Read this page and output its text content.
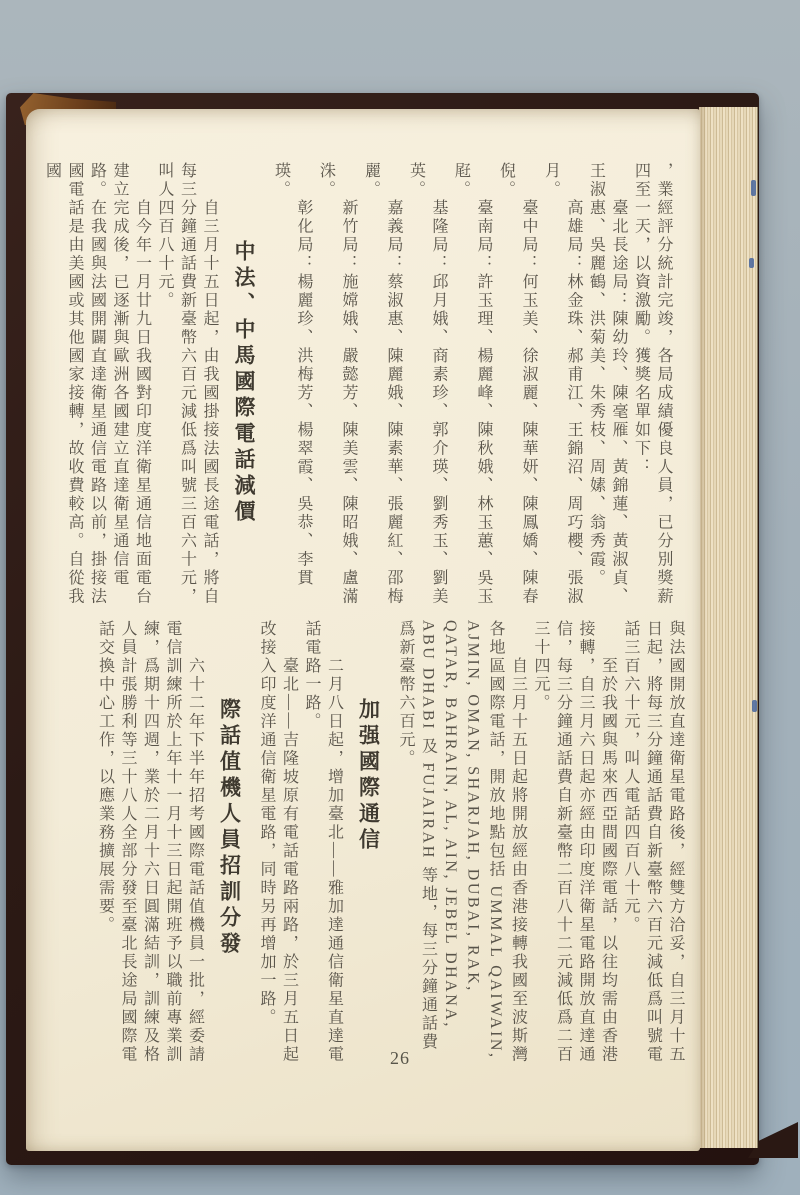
，業經評分統計完竣，各局成績優良人員，已分別獎薪四至一天，以資激勵。獲獎名單如下：

臺北長途局：陳幼玲、陳毫雁、黃錦蓮、黃淑貞、王淑惠、吳麗鶴、洪菊美、朱秀枝、周嫊、翁秀霞。

高雄局：林金珠、郝甫江、王錦沼、周巧櫻、張淑月。

臺中局：何玉美、徐淑麗、陳華妍、陳鳳嬌、陳春倪。

臺南局：許玉理、楊麗峰、陳秋娥、林玉蕙、吳玉屘。

基隆局：邱月娥、商素珍、郭介瑛、劉秀玉、劉美英。

嘉義局：蔡淑惠、陳麗娥、陳素華、張麗紅、邵梅麗。

新竹局：施嫦娥、嚴懿芳、陳美雲、陳昭娥、盧滿洙。

彰化局：楊麗珍、洪梅芳、楊翠霞、吳恭、李貫瑛。

中法、中馬國際電話減價

自三月十五日起，由我國掛接法國長途電話，將自每三分鐘通話費新臺幣六百元減低爲叫號三百六十元，叫人四百八十元。

自今年一月廿九日我國對印度洋衛星通信地面電台建立完成後，已逐漸與歐洲各國建立直達衛星通信電路。在我國與法國開闢直達衛星通信電路以前，掛接法國電話是由美國或其他國家接轉，故收費較高。自從我國

與法國開放直達衛星電路後，經雙方洽妥，自三月十五日起，將每三分鐘通話費自新臺幣六百元減低爲叫號電話三百六十元，叫人電話四百八十元。

至於我國與馬來西亞間國際電話，以往均需由香港接轉，自三月六日起亦經由印度洋衛星電路開放直達通信，每三分鐘通話費自新臺幣二百八十二元減低爲二百三十四元。

自三月十五日起將開放經由香港接轉我國至波斯灣各地區國際電話，開放地點包括 UMMAL QAIWAIN, AJMIN, OMAN, SHARJAH, DUBAI, RAK, QATAR, BAHRAIN, AL, AIN, JEBEL DHANA, ABU DHABI 及 FUJAIRAH 等地，每三分鐘通話費爲新臺幣六百元。

加强國際通信

二月八日起，增加臺北——雅加達通信衛星直達電話電路一路。

臺北——吉隆坡原有電話電路兩路，於三月五日起改接入印度洋通信衛星電路，同時另再增加一路。

際話值機人員招訓分發

六十二年下半年招考國際電話值機員一批，經委請電信訓練所於上年十一月十三日起開班予以職前專業訓練，爲期十四週，業於二月十六日圓滿結訓，訓練及格人員計張勝利等三十八人全部分發至臺北長途局國際電話交換中心工作，以應業務擴展需要。

26
